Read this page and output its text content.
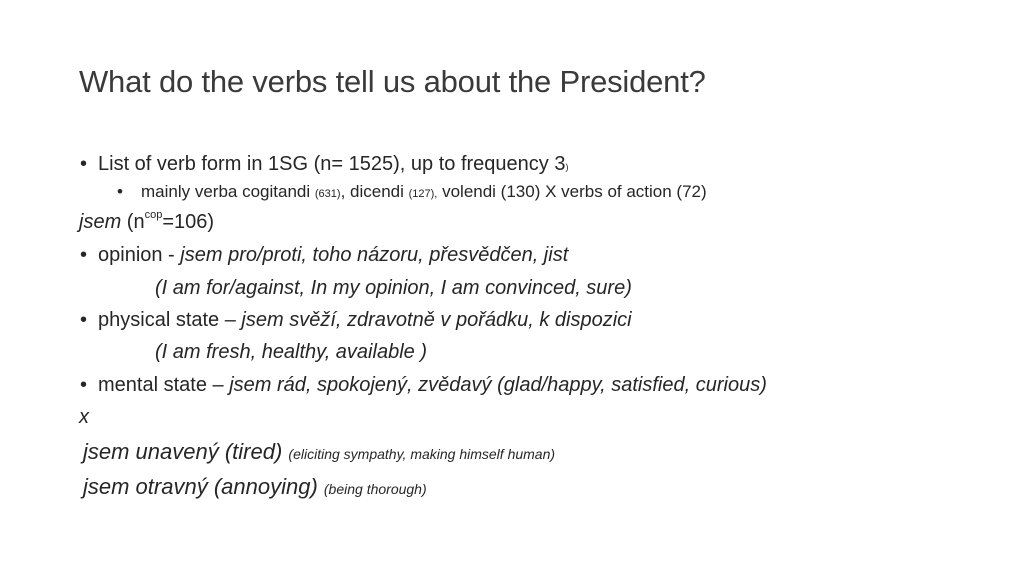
What do the verbs tell us about the President?
• List of verb form in 1SG (n= 1525), up to frequency 3)
• mainly verba cogitandi (631), dicendi (127), volendi (130) X verbs of action (72)
jsem $(n^{cop}=106)$
• opinion - jsem pro/proti, toho názoru, přesvědčen, jist
(I am for/against, In my opinion, I am convinced, sure)
• physical state – jsem svěží, zdravotně v pořádku, k dispozici
(I am fresh, healthy, available )
• mental state – jsem rád, spokojený, zvědavý (glad/happy, satisfied, curious)
x
jsem unavený (tired) (eliciting sympathy, making himself human)
jsem otravný (annoying) (being thorough)
